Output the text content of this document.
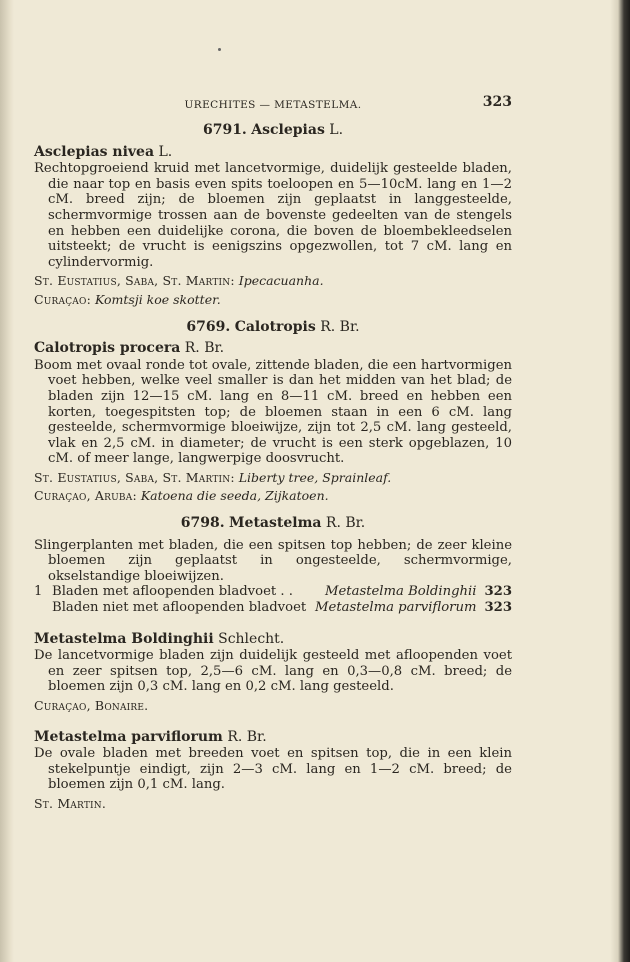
URECHITES — METASTELMA.	323
6791. Asclepias L.
Asclepias nivea L.

Rechtopgroeiend kruid met lancetvormige, duidelijk gesteelde bladen, die naar top en basis even spits toeloopen en 5—10cM. lang en 1—2 cM. breed zijn; de bloemen zijn geplaatst in langgesteelde, schermvormige trossen aan de bovenste gedeelten van de stengels en hebben een duidelijke corona, die boven de bloembekleedselen uitsteekt; de vrucht is eenigszins opgezwollen, tot 7 cM. lang en cylindervormig.

St. Eustatius, Saba, St. Martin: Ipecacuanha.
Curaçao: Komtsji koe skotter.
6769. Calotropis R. Br.
Calotropis procera R. Br.

Boom met ovaal ronde tot ovale, zittende bladen, die een hartvormigen voet hebben, welke veel smaller is dan het midden van het blad; de bladen zijn 12—15 cM. lang en 8—11 cM. breed en hebben een korten, toegespitsten top; de bloemen staan in een 6 cM. lang gesteelde, schermvormige bloeiwijze, zijn tot 2,5 cM. lang gesteeld, vlak en 2,5 cM. in diameter; de vrucht is een sterk opgeblazen, 10 cM. of meer lange, langwerpige doosvrucht.

St. Eustatius, Saba, St. Martin: Liberty tree, Sprainleaf.
Curaçao, Aruba: Katoena die seeda, Zijkatoen.
6798. Metastelma R. Br.

Slingerplanten met bladen, die een spitsen top hebben; de zeer kleine bloemen zijn geplaatst in ongesteelde, schermvormige, okselstandige bloeiwijzen.

1 Bladen met afloopenden bladvoet . .	Metastelma Boldinghii 323
Bladen niet met afloopenden bladvoet Metastelma parviflorum 323
Metastelma Boldinghii Schlecht.

De lancetvormige bladen zijn duidelijk gesteeld met afloopenden voet en zeer spitsen top, 2,5—6 cM. lang en 0,3—0,8 cM. breed; de bloemen zijn 0,3 cM. lang en 0,2 cM. lang gesteeld.

Curaçao, Bonaire.
Metastelma parviflorum R. Br.

De ovale bladen met breeden voet en spitsen top, die in een klein stekelpuntje eindigt, zijn 2—3 cM. lang en 1—2 cM. breed; de bloemen zijn 0,1 cM. lang.

St. Martin.
